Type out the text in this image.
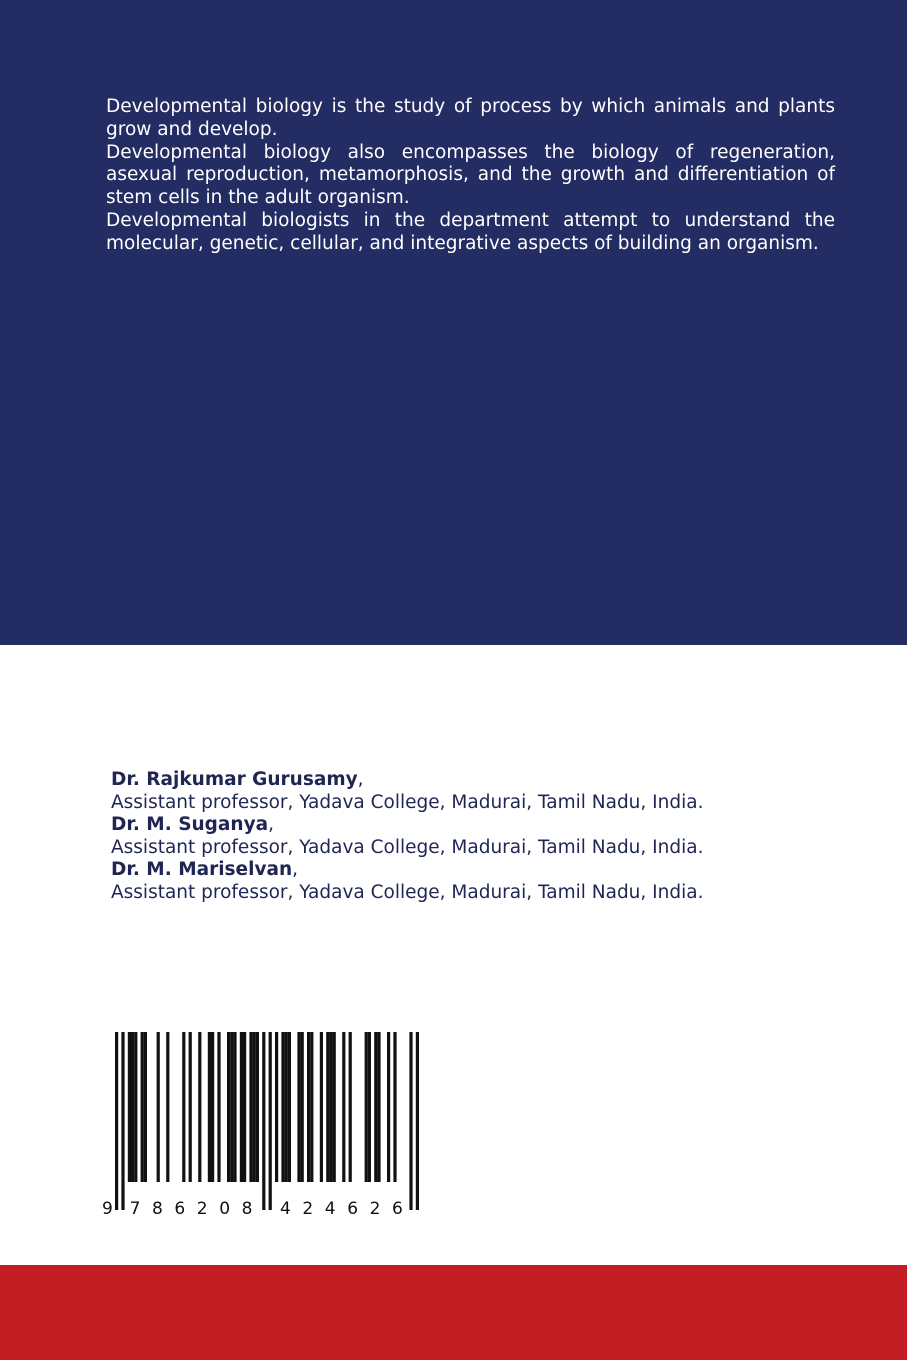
Developmental biology is the study of process by which animals and plants grow and develop.

Developmental biology also encompasses the biology of regeneration, asexual reproduction, metamorphosis, and the growth and differentiation of stem cells in the adult organism.

Developmental biologists in the department attempt to understand the molecular, genetic, cellular, and integrative aspects of building an organism.

Dr. Rajkumar Gurusamy,
Assistant professor, Yadava College, Madurai, Tamil Nadu, India.
Dr. M. Suganya,
Assistant professor, Yadava College, Madurai, Tamil Nadu, India.
Dr. M. Mariselvan,
Assistant professor, Yadava College, Madurai, Tamil Nadu, India.
9 7 8 6 2 0 8 4 2 4 6 2 6
